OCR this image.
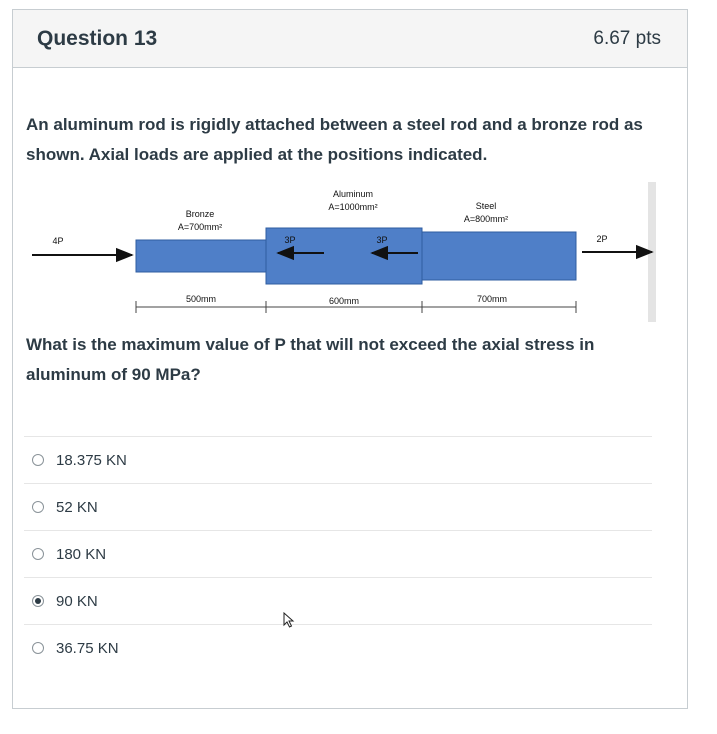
Question 13	6.67 pts
An aluminum rod is rigidly attached between a steel rod and a bronze rod as shown. Axial loads are applied at the positions indicated.
Bronze
A=700mm²
Aluminum
A=1000mm²	Steel
A=800mm²
4P	3P	3P	2P
500mm	600mm	700mm
What is the maximum value of P that will not exceed the axial stress in aluminum of 90 MPa?
18.375 KN
52 KN
180 KN
90 KN
36.75 KN
